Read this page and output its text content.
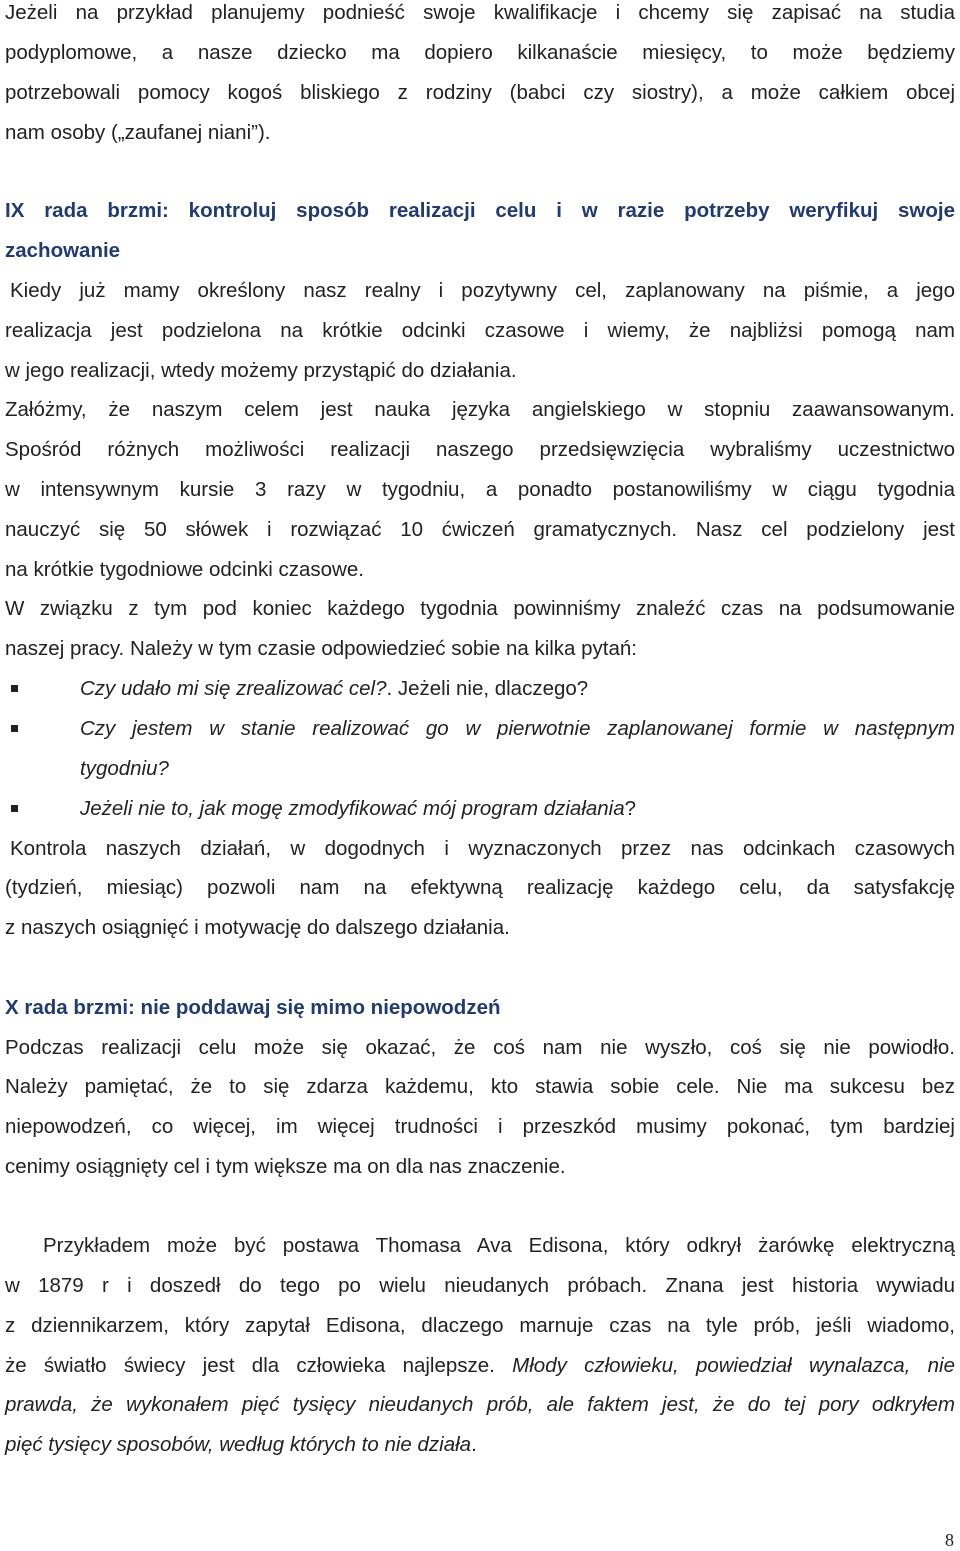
Jeżeli na przykład planujemy podnieść swoje kwalifikacje i chcemy się zapisać na studia
podyplomowe, a nasze dziecko ma dopiero kilkanaście miesięcy, to może będziemy
potrzebowali pomocy kogoś bliskiego z rodziny (babci czy siostry), a może całkiem obcej
nam osoby („zaufanej niani”).
IX rada brzmi: kontroluj sposób realizacji celu i w razie potrzeby weryfikuj swoje
zachowanie
Kiedy już mamy określony nasz realny i pozytywny cel, zaplanowany na piśmie, a jego
realizacja jest podzielona na krótkie odcinki czasowe i wiemy, że najbliżsi pomogą nam
w jego realizacji, wtedy możemy przystąpić do działania.
Załóżmy, że naszym celem jest nauka języka angielskiego w stopniu zaawansowanym.
Spośród różnych możliwości realizacji naszego przedsięwzięcia wybraliśmy uczestnictwo
w intensywnym kursie 3 razy w tygodniu, a ponadto postanowiliśmy w ciągu tygodnia
nauczyć się 50 słówek i rozwiązać 10 ćwiczeń gramatycznych. Nasz cel podzielony jest
na krótkie tygodniowe odcinki czasowe.
W związku z tym pod koniec każdego tygodnia powinniśmy znaleźć czas na podsumowanie
naszej pracy. Należy w tym czasie odpowiedzieć sobie na kilka pytań:
Czy udało mi się zrealizować cel?. Jeżeli nie, dlaczego?
Czy jestem w stanie realizować go w pierwotnie zaplanowanej formie w następnym
tygodniu?
Jeżeli nie to, jak mogę zmodyfikować mój program działania?
Kontrola naszych działań, w dogodnych i wyznaczonych przez nas odcinkach czasowych
(tydzień, miesiąc) pozwoli nam na efektywną realizację każdego celu, da satysfakcję
z naszych osiągnięć i motywację do dalszego działania.
X rada brzmi: nie poddawaj się mimo niepowodzeń
Podczas realizacji celu może się okazać, że coś nam nie wyszło, coś się nie powiodło.
Należy pamiętać, że to się zdarza każdemu, kto stawia sobie cele. Nie ma sukcesu bez
niepowodzeń, co więcej, im więcej trudności i przeszkód musimy pokonać, tym bardziej
cenimy osiągnięty cel i tym większe ma on dla nas znaczenie.
Przykładem może być postawa Thomasa Ava Edisona, który odkrył żarówkę elektryczną
w 1879 r i doszedł do tego po wielu nieudanych próbach. Znana jest historia wywiadu
z dziennikarzem, który zapytał Edisona, dlaczego marnuje czas na tyle prób, jeśli wiadomo,
że światło świecy jest dla człowieka najlepsze. Młody człowieku, powiedział wynalazca, nie
prawda, że wykonałem pięć tysięcy nieudanych prób, ale faktem jest, że do tej pory odkryłem
pięć tysięcy sposobów, według których to nie działa.
8
